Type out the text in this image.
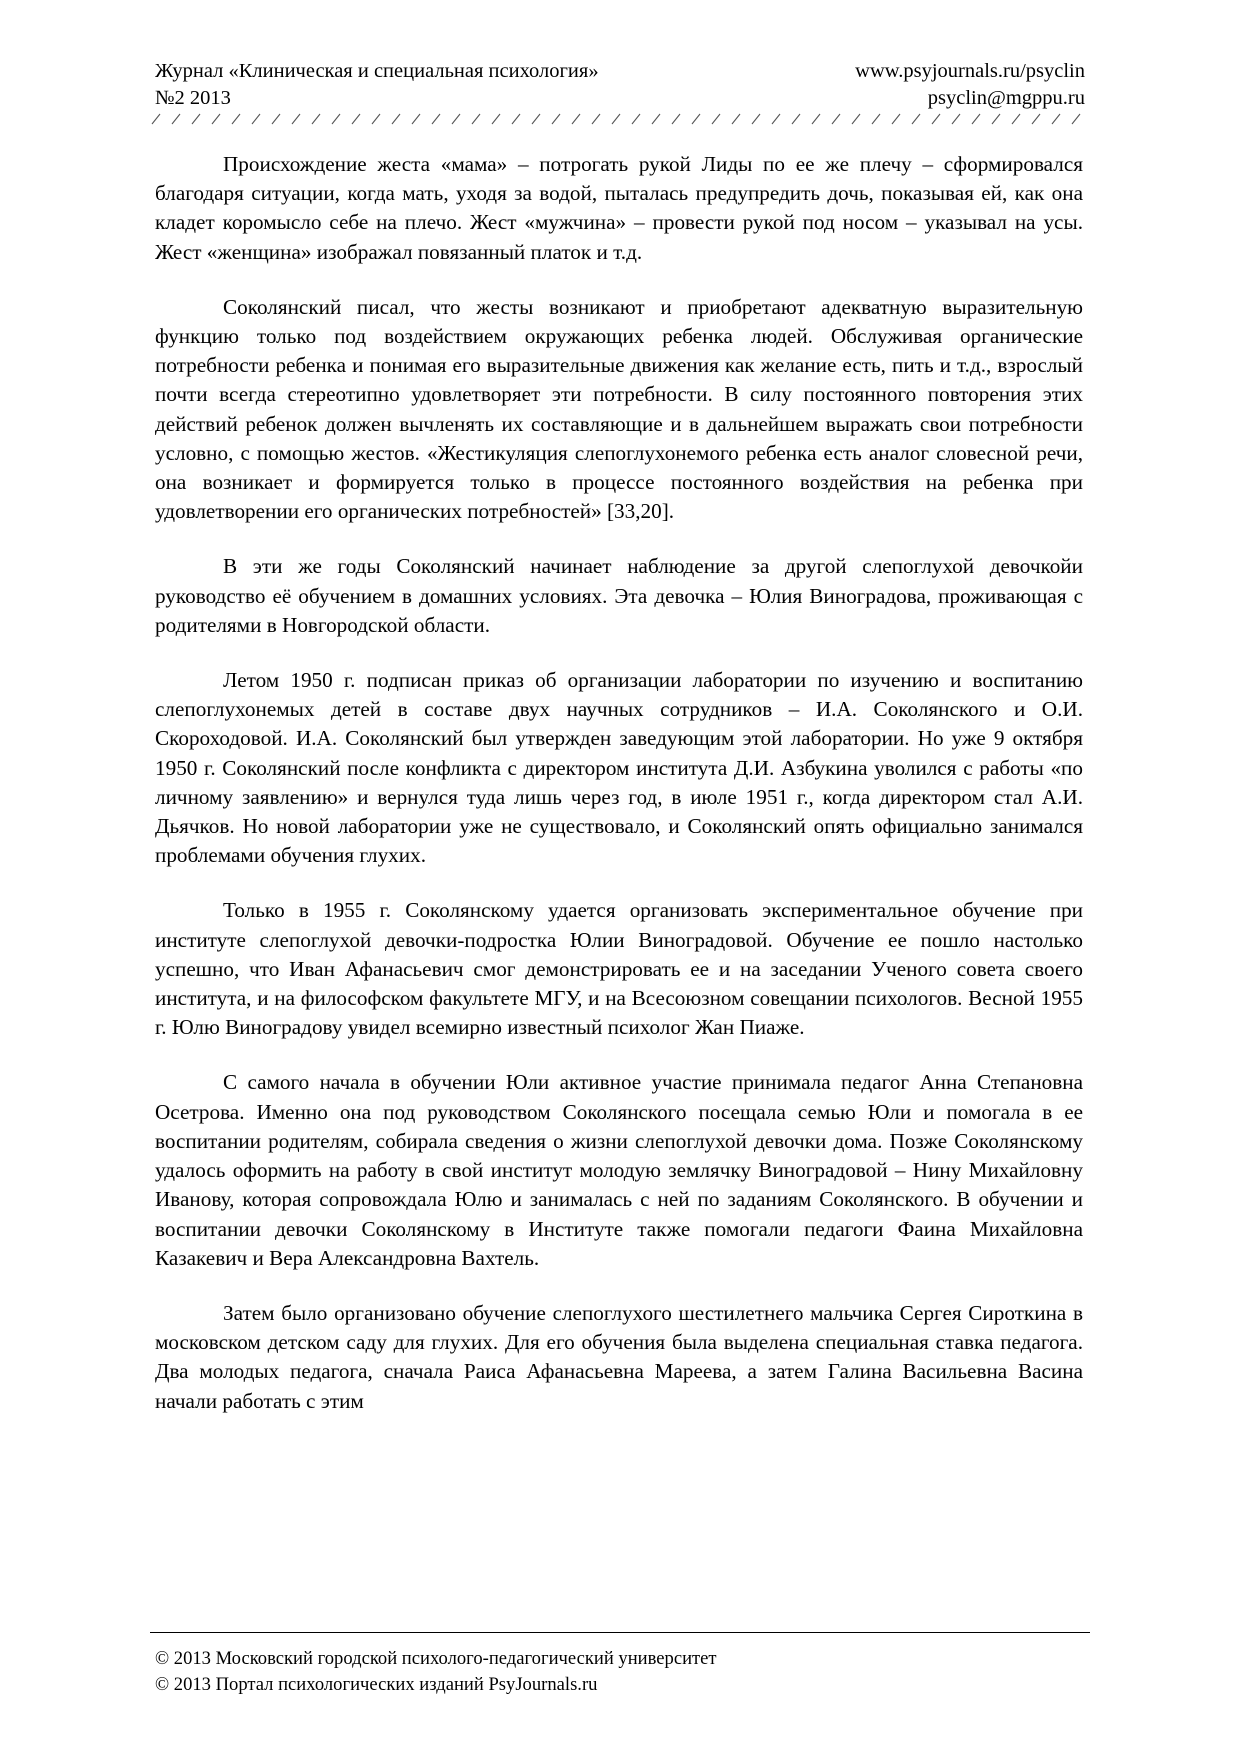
Журнал «Клиническая и специальная психология»
№2 2013
www.psyjournals.ru/psyclin
psyclin@mgppu.ru

Происхождение жеста «мама» – потрогать рукой Лиды по ее же плечу – сформировался благодаря ситуации, когда мать, уходя за водой, пыталась предупредить дочь, показывая ей, как она кладет коромысло себе на плечо. Жест «мужчина» – провести рукой под носом – указывал на усы. Жест «женщина» изображал повязанный платок и т.д.

Соколянский писал, что жесты возникают и приобретают адекватную выразительную функцию только под воздействием окружающих ребенка людей. Обслуживая органические потребности ребенка и понимая его выразительные движения как желание есть, пить и т.д., взрослый почти всегда стереотипно удовлетворяет эти потребности. В силу постоянного повторения этих действий ребенок должен вычленять их составляющие и в дальнейшем выражать свои потребности условно, с помощью жестов. «Жестикуляция слепоглухонемого ребенка есть аналог словесной речи, она возникает и формируется только в процессе постоянного воздействия на ребенка при удовлетворении его органических потребностей» [33,20].

В эти же годы Соколянский начинает наблюдение за другой слепоглухой девочкойи руководство её обучением в домашних условиях. Эта девочка – Юлия Виноградова, проживающая с родителями в Новгородской области.

Летом 1950 г. подписан приказ об организации лаборатории по изучению и воспитанию слепоглухонемых детей в составе двух научных сотрудников – И.А. Соколянского и О.И. Скороходовой. И.А. Соколянский был утвержден заведующим этой лаборатории. Но уже 9 октября 1950 г. Соколянский после конфликта с директором института Д.И. Азбукина уволился с работы «по личному заявлению» и вернулся туда лишь через год, в июле 1951 г., когда директором стал А.И. Дьячков. Но новой лаборатории уже не существовало, и Соколянский опять официально занимался проблемами обучения глухих.

Только в 1955 г. Соколянскому удается организовать экспериментальное обучение при институте слепоглухой девочки-подростка Юлии Виноградовой. Обучение ее пошло настолько успешно, что Иван Афанасьевич смог демонстрировать ее и на заседании Ученого совета своего института, и на философском факультете МГУ, и на Всесоюзном совещании психологов. Весной 1955 г. Юлю Виноградову увидел всемирно известный психолог Жан Пиаже.

С самого начала в обучении Юли активное участие принимала педагог Анна Степановна Осетрова. Именно она под руководством Соколянского посещала семью Юли и помогала в ее воспитании родителям, собирала сведения о жизни слепоглухой девочки дома. Позже Соколянскому удалось оформить на работу в свой институт молодую землячку Виноградовой – Нину Михайловну Иванову, которая сопровождала Юлю и занималась с ней по заданиям Соколянского. В обучении и воспитании девочки Соколянскому в Институте также помогали педагоги Фаина Михайловна Казакевич и Вера Александровна Вахтель.

Затем было организовано обучение слепоглухого шестилетнего мальчика Сергея Сироткина в московском детском саду для глухих. Для его обучения была выделена специальная ставка педагога. Два молодых педагога, сначала Раиса Афанасьевна Мареева, а затем Галина Васильевна Васина начали работать с этим

© 2013 Московский городской психолого-педагогический университет
© 2013 Портал психологических изданий PsyJournals.ru
